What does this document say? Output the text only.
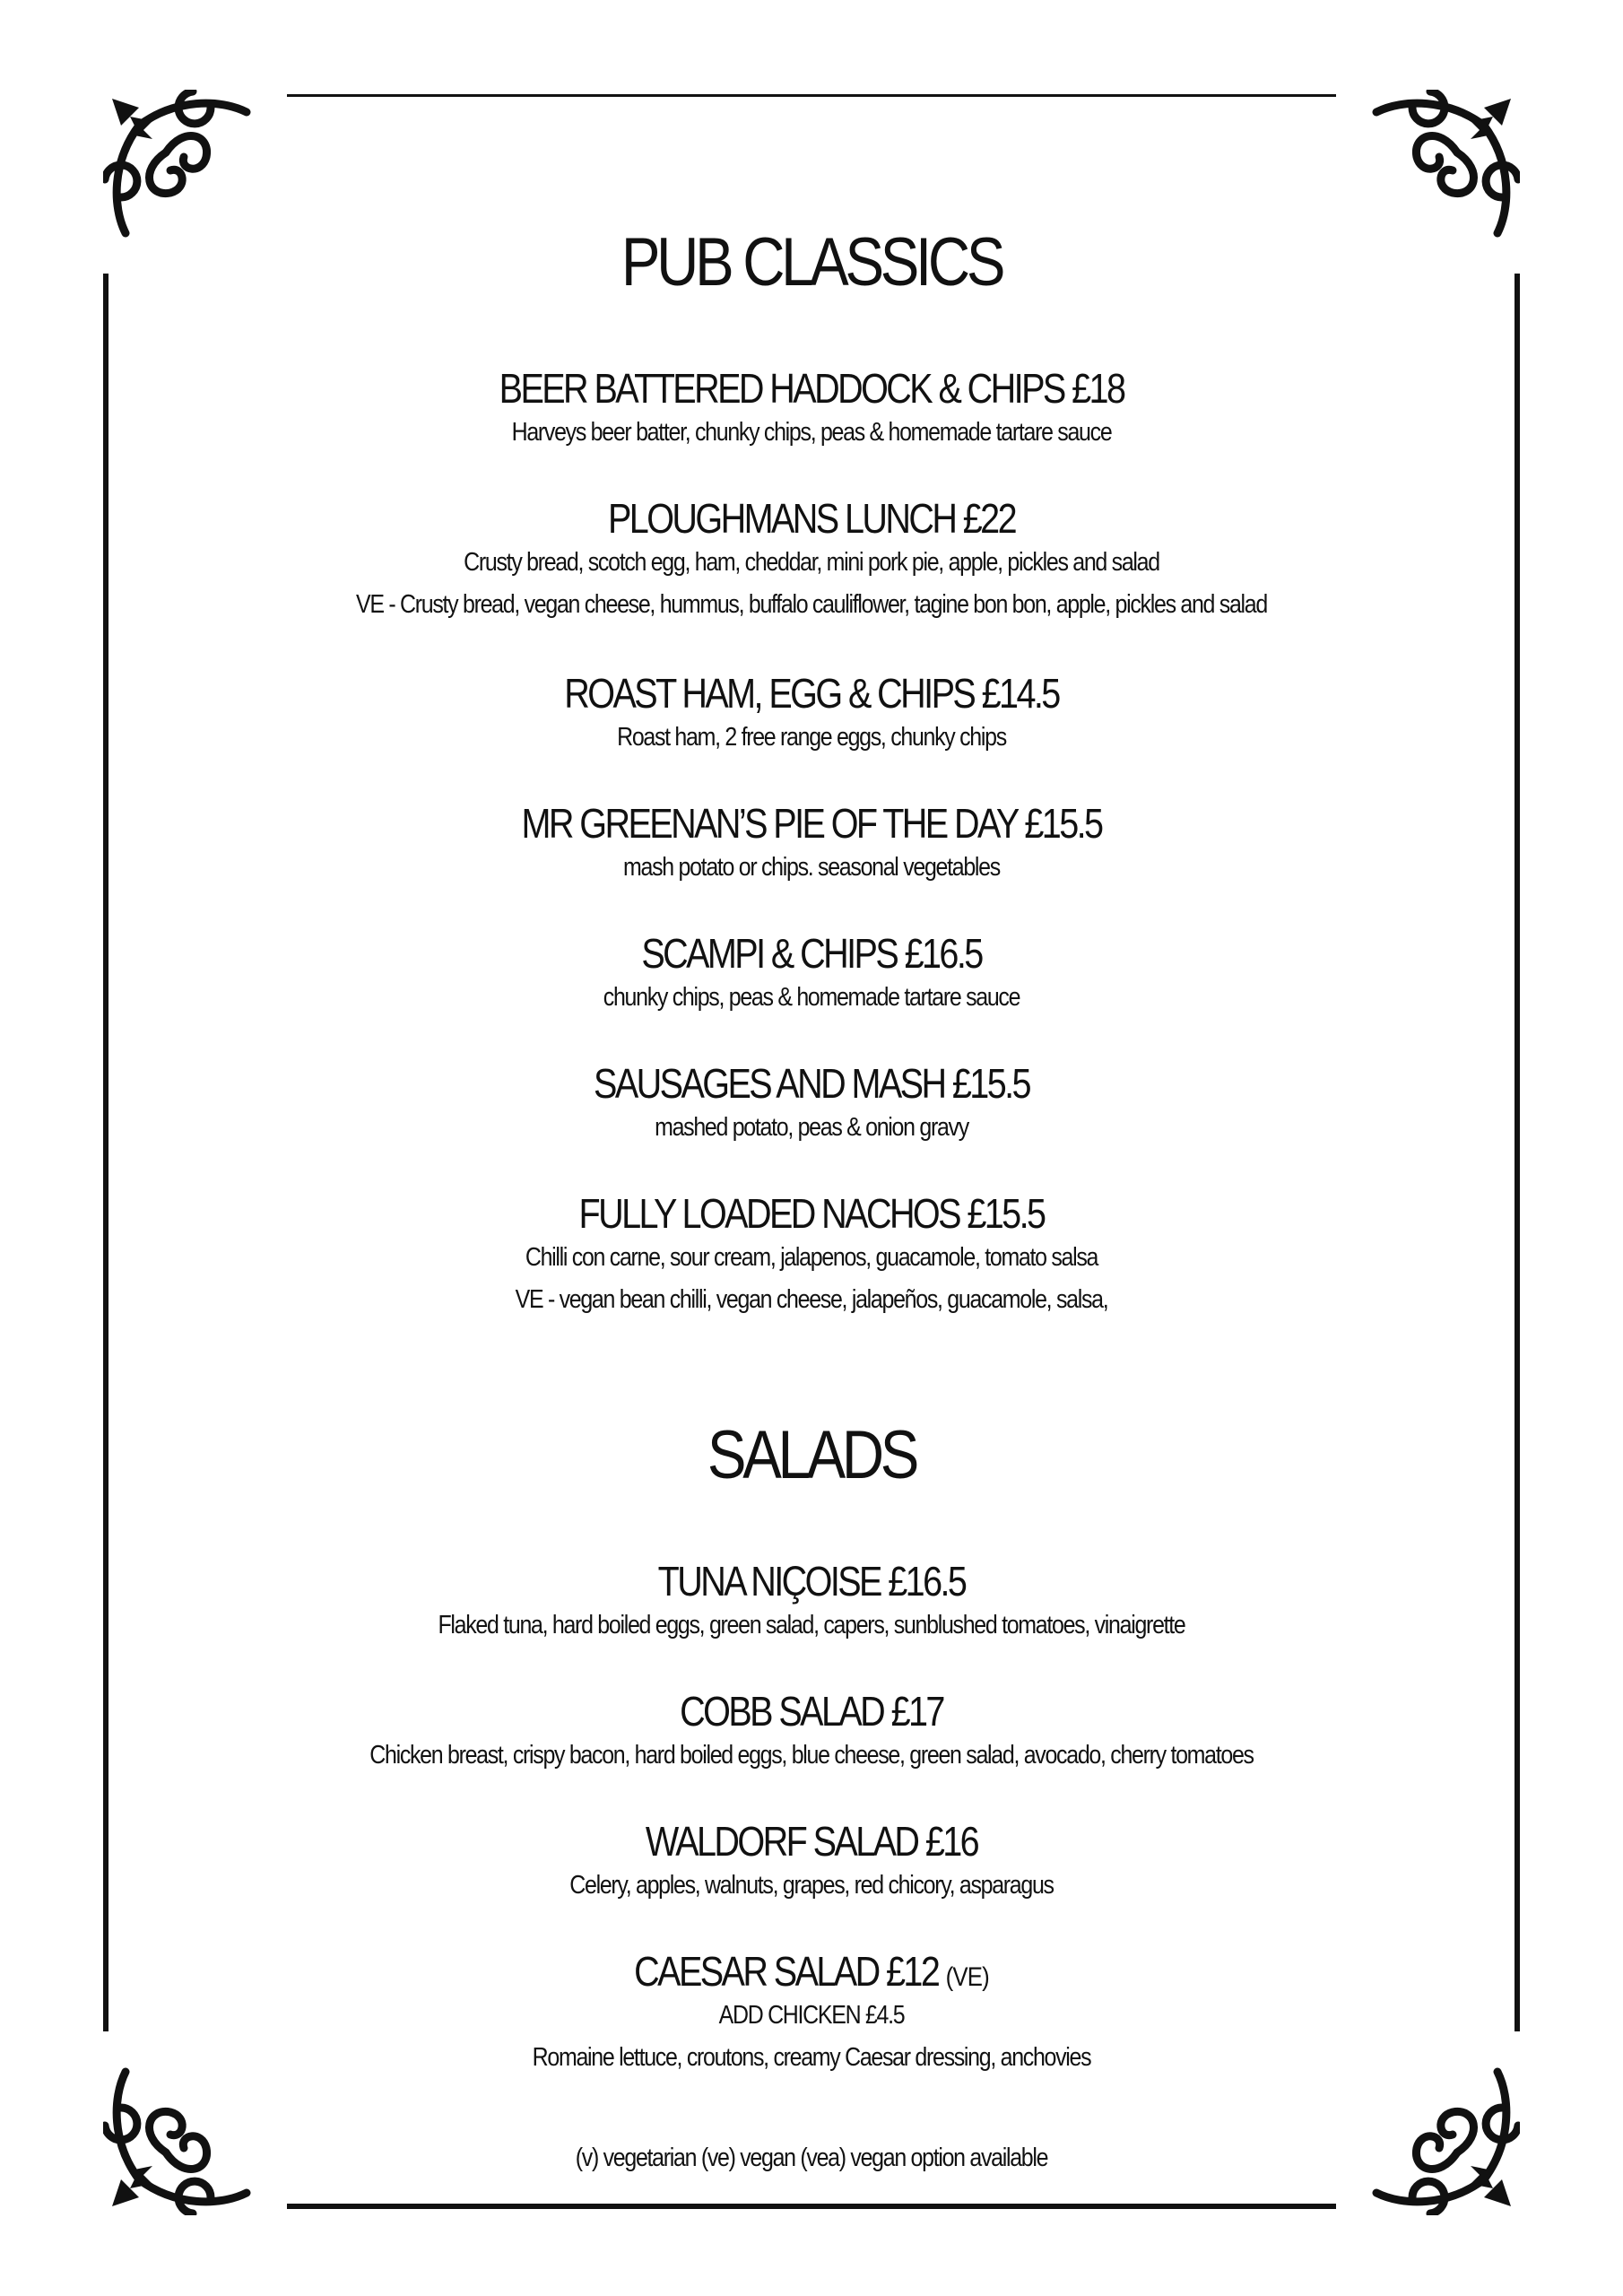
PUB CLASSICS
BEER BATTERED HADDOCK & CHIPS £18
Harveys beer batter, chunky chips, peas & homemade tartare sauce
PLOUGHMANS LUNCH £22
Crusty bread, scotch egg, ham, cheddar, mini pork pie, apple, pickles and salad
VE - Crusty bread, vegan cheese, hummus, buffalo cauliflower, tagine bon bon, apple, pickles and salad
ROAST HAM, EGG & CHIPS £14.5
Roast ham, 2 free range eggs, chunky chips
MR GREENAN’S PIE OF THE DAY £15.5
mash potato or chips. seasonal vegetables
SCAMPI & CHIPS £16.5
chunky chips, peas & homemade tartare sauce
SAUSAGES AND MASH £15.5
mashed potato, peas & onion gravy
FULLY LOADED NACHOS £15.5
Chilli con carne, sour cream, jalapenos, guacamole, tomato salsa
VE - vegan bean chilli, vegan cheese, jalapeños, guacamole, salsa,
SALADS
TUNA NIÇOISE £16.5
Flaked tuna, hard boiled eggs, green salad, capers, sunblushed tomatoes, vinaigrette
COBB SALAD £17
Chicken breast, crispy bacon, hard boiled eggs, blue cheese, green salad, avocado, cherry tomatoes
WALDORF SALAD £16
Celery, apples, walnuts, grapes, red chicory, asparagus
CAESAR SALAD £12 (VE)
ADD CHICKEN £4.5
Romaine lettuce, croutons, creamy Caesar dressing, anchovies
(v) vegetarian (ve) vegan (vea) vegan option available
